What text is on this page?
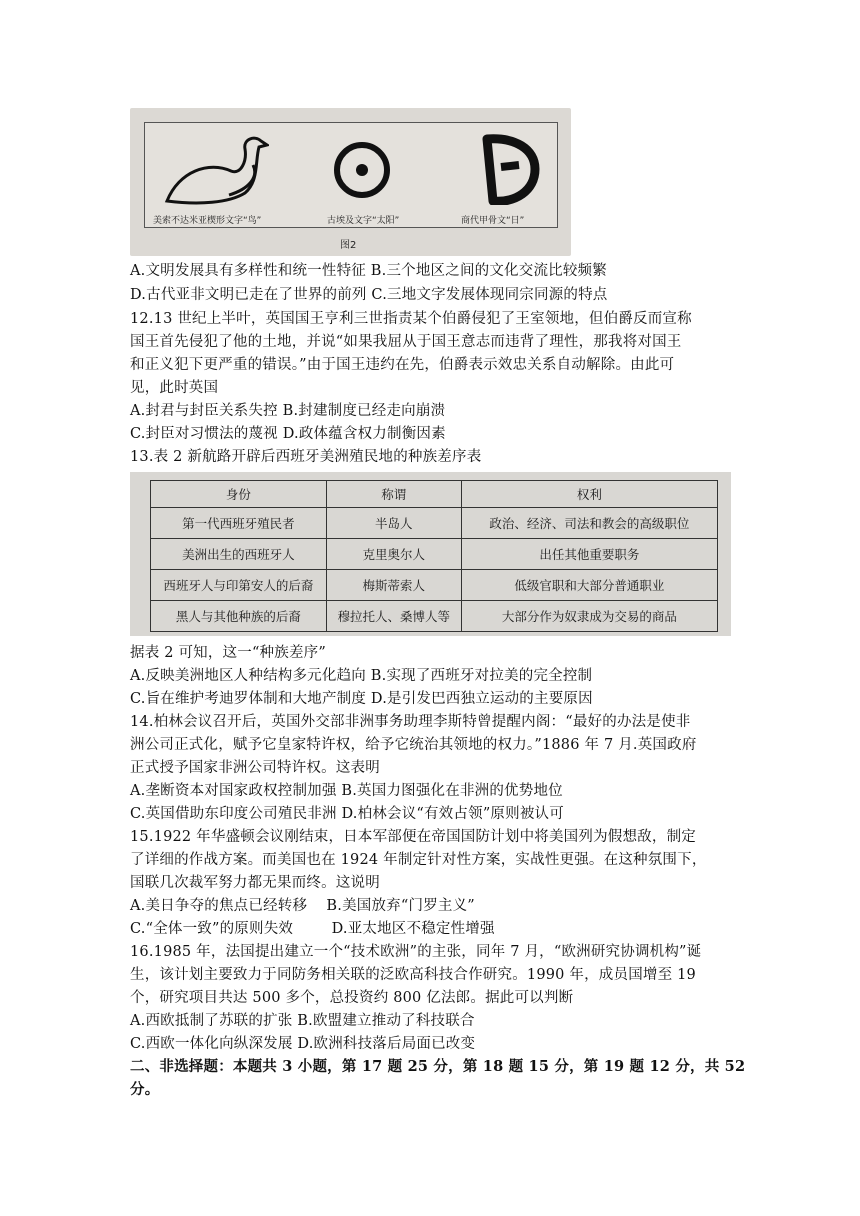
美索不达米亚楔形文字“鸟”	古埃及文字“太阳”	商代甲骨文“日”
图2
A.文明发展具有多样性和统一性特征 B.三个地区之间的文化交流比较频繁
D.古代亚非文明已走在了世界的前列 C.三地文字发展体现同宗同源的特点
12.13 世纪上半叶，英国国王亨利三世指责某个伯爵侵犯了王室领地，但伯爵反而宣称
国王首先侵犯了他的土地，并说“如果我屈从于国王意志而违背了理性，那我将对国王
和正义犯下更严重的错误。”由于国王违约在先，伯爵表示效忠关系自动解除。由此可
见，此时英国
A.封君与封臣关系失控 B.封建制度已经走向崩溃
C.封臣对习惯法的蔑视 D.政体蕴含权力制衡因素
13.表 2 新航路开辟后西班牙美洲殖民地的种族差序表
身份	称谓	权利
第一代西班牙殖民者	半岛人	政治、经济、司法和教会的高级职位
美洲出生的西班牙人	克里奥尔人	出任其他重要职务
西班牙人与印第安人的后裔	梅斯蒂索人	低级官职和大部分普通职业
黑人与其他种族的后裔	穆拉托人、桑博人等	大部分作为奴隶成为交易的商品
据表 2 可知，这一“种族差序”
A.反映美洲地区人种结构多元化趋向 B.实现了西班牙对拉美的完全控制
C.旨在维护考迪罗体制和大地产制度 D.是引发巴西独立运动的主要原因
14.柏林会议召开后，英国外交部非洲事务助理李斯特曾提醒内阁：“最好的办法是使非
洲公司正式化，赋予它皇家特许权，给予它统治其领地的权力。”1886 年 7 月.英国政府
正式授予国家非洲公司特许权。这表明
A.垄断资本对国家政权控制加强 B.英国力图强化在非洲的优势地位
C.英国借助东印度公司殖民非洲 D.柏林会议“有效占领”原则被认可
15.1922 年华盛顿会议刚结束，日本军部便在帝国国防计划中将美国列为假想敌，制定
了详细的作战方案。而美国也在 1924 年制定针对性方案，实战性更强。在这种氛围下，
国联几次裁军努力都无果而终。这说明
A.美日争夺的焦点已经转移    B.美国放弃“门罗主义”
C.“全体一致”的原则失效        D.亚太地区不稳定性增强
16.1985 年，法国提出建立一个“技术欧洲”的主张，同年 7 月，“欧洲研究协调机构”诞
生，该计划主要致力于同防务相关联的泛欧高科技合作研究。1990 年，成员国增至 19
个，研究项目共达 500 多个，总投资约 800 亿法郎。据此可以判断
A.西欧抵制了苏联的扩张 B.欧盟建立推动了科技联合
C.西欧一体化向纵深发展 D.欧洲科技落后局面已改变
二、非选择题：本题共 3 小题，第 17 题 25 分，第 18 题 15 分，第 19 题 12 分，共 52
分。
